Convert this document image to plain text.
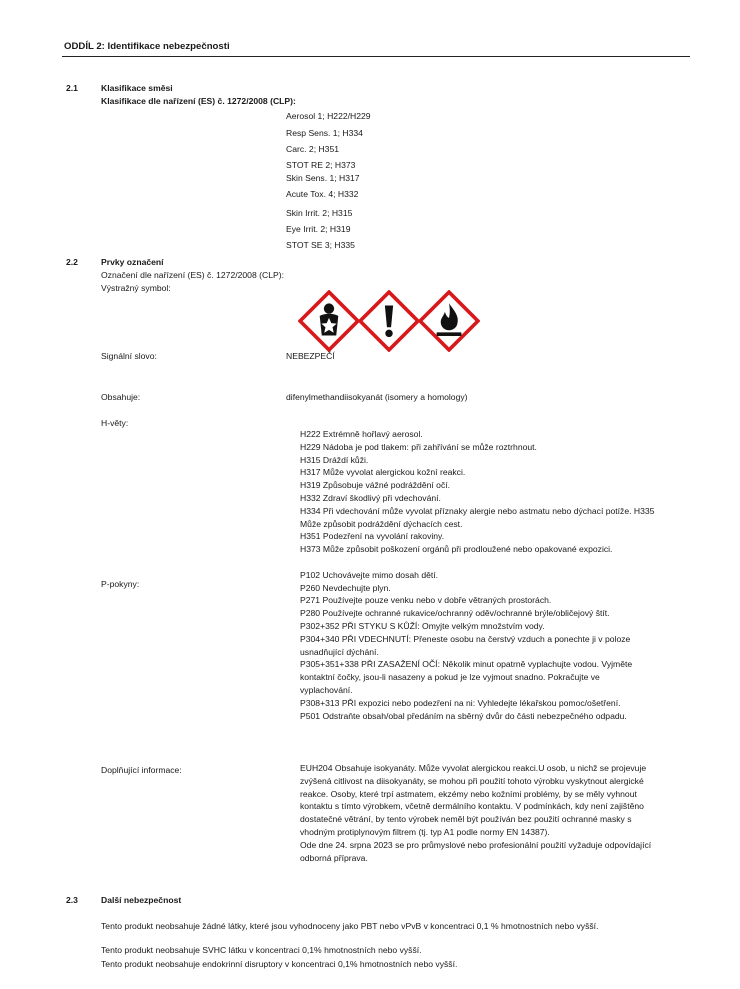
ODDÍL 2: Identifikace nebezpečnosti
2.1	Klasifikace směsi
Klasifikace dle nařízení (ES) č. 1272/2008 (CLP):
Aerosol 1; H222/H229
Resp Sens. 1; H334
Carc. 2; H351
STOT RE 2; H373
Skin Sens. 1; H317
Acute Tox. 4; H332
Skin Irrit. 2; H315
Eye Irrit. 2; H319
STOT SE 3; H335
2.2	Prvky označení
Označení dle nařízení (ES) č. 1272/2008 (CLP):
Výstražný symbol:
Signální slovo:	NEBEZPEČÍ
Obsahuje:	difenylmethandiisokyanát (isomery a homology)
H-věty:
H222 Extrémně hořlavý aerosol.
H229 Nádoba je pod tlakem: při zahřívání se může roztrhnout.
H315 Dráždí kůži.
H317 Může vyvolat alergickou kožní reakci.
H319 Způsobuje vážné podráždění očí.
H332 Zdraví škodlivý při vdechování.
H334 Při vdechování může vyvolat příznaky alergie nebo astmatu nebo dýchací potíže. H335
Může způsobit podráždění dýchacích cest.
H351 Podezření na vyvolání rakoviny.
H373 Může způsobit poškození orgánů při prodloužené nebo opakované expozici.
P-pokyny:

P102 Uchovávejte mimo dosah dětí.
P260 Nevdechujte plyn.
P271 Používejte pouze venku nebo v dobře větraných prostorách.
P280 Používejte ochranné rukavice/ochranný oděv/ochranné brýle/obličejový štít.
P302+352 PŘI STYKU S KŮŽÍ: Omyjte velkým množstvím vody.
P304+340 PŘI VDECHNUTÍ: Přeneste osobu na čerstvý vzduch a ponechte ji v poloze
usnadňující dýchání.
P305+351+338 PŘI ZASAŽENÍ OČÍ: Několik minut opatrně vyplachujte vodou. Vyjměte
kontaktní čočky, jsou-li nasazeny a pokud je lze vyjmout snadno. Pokračujte ve
vyplachování.
P308+313 PŘI expozici nebo podezření na ni: Vyhledejte lékařskou pomoc/ošetření.
P501 Odstraňte obsah/obal předáním na sběrný dvůr do části nebezpečného odpadu.
Doplňující informace:	EUH204 Obsahuje isokyanáty. Může vyvolat alergickou reakci.U osob, u nichž se projevuje
zvýšená citlivost na diisokyanáty, se mohou při použití tohoto výrobku vyskytnout alergické
reakce. Osoby, které trpí astmatem, ekzémy nebo kožními problémy, by se měly vyhnout
kontaktu s tímto výrobkem, včetně dermálního kontaktu. V podmínkách, kdy není zajištěno
dostatečné větrání, by tento výrobek neměl být používán bez použití ochranné masky s
vhodným protiplynovým filtrem (tj. typ A1 podle normy EN 14387).
Ode dne 24. srpna 2023 se pro průmyslové nebo profesionální použití vyžaduje odpovídající
odborná příprava.
2.3	Další nebezpečnost
Tento produkt neobsahuje žádné látky, které jsou vyhodnoceny jako PBT nebo vPvB v koncentraci 0,1 % hmotnostních nebo vyšší.
Tento produkt neobsahuje SVHC látku v koncentraci 0,1% hmotnostních nebo vyšší.
Tento produkt neobsahuje endokrinní disruptory v koncentraci 0,1% hmotnostních nebo vyšší.
